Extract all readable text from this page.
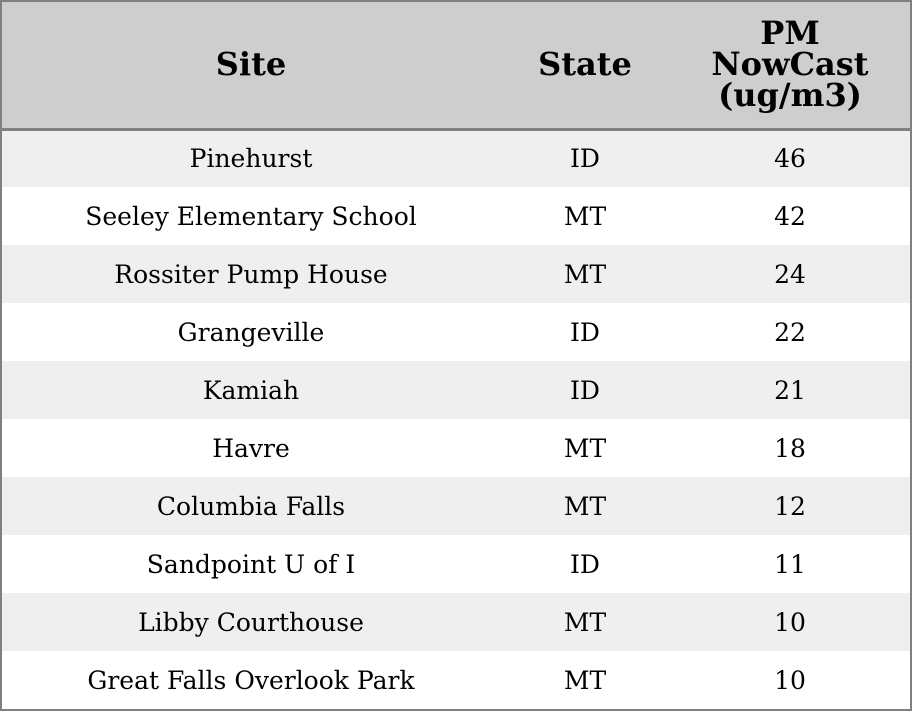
Site	State	PM
NowCast
(ug/m3)

Pinehurst	ID	46
Seeley Elementary School	MT	42
Rossiter Pump House	MT	24
Grangeville	ID	22
Kamiah	ID	21
Havre	MT	18
Columbia Falls	MT	12
Sandpoint U of I	ID	11
Libby Courthouse	MT	10
Great Falls Overlook Park	MT	10
